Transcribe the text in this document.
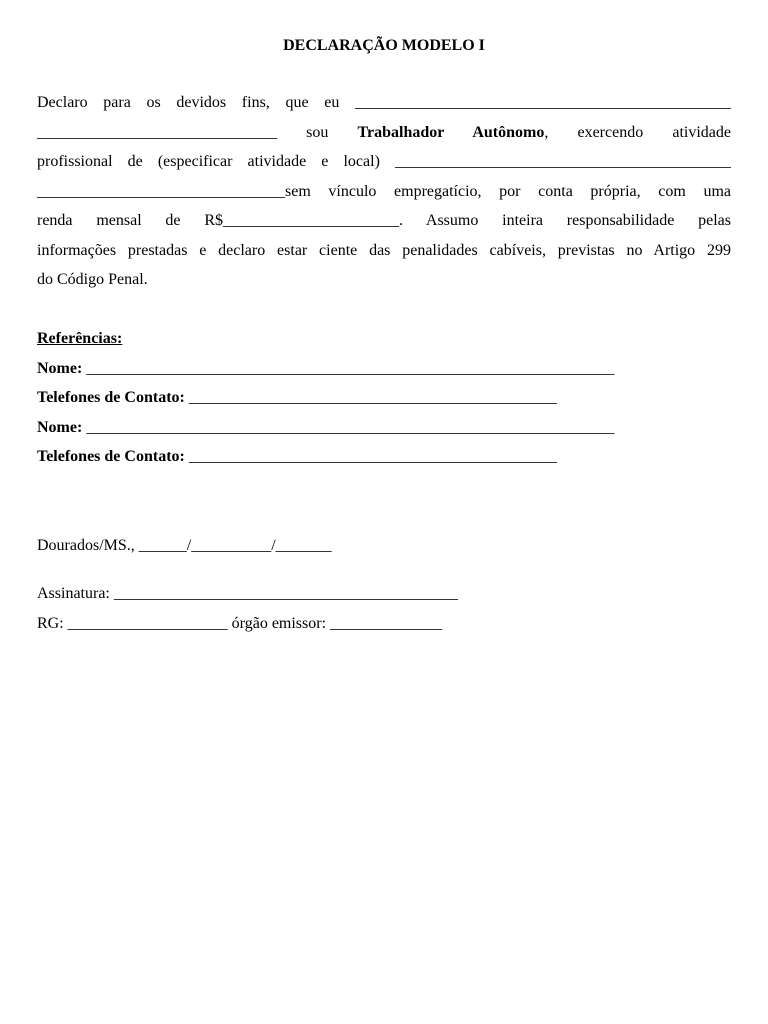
DECLARAÇÃO MODELO I
Declaro para os devidos fins, que eu _______________________________________________
______________________________ sou Trabalhador Autônomo, exercendo atividade
profissional de (especificar atividade e local) __________________________________________
_______________________________sem vínculo empregatício, por conta própria, com uma
renda mensal de R$______________________. Assumo inteira responsabilidade pelas
informações prestadas e declaro estar ciente das penalidades cabíveis, previstas no Artigo 299
do Código Penal.
Referências:
Nome: __________________________________________________________________
Telefones de Contato: ______________________________________________
Nome: __________________________________________________________________
Telefones de Contato: ______________________________________________
Dourados/MS., ______/__________/_______
Assinatura: ___________________________________________
RG: ____________________ órgão emissor: ______________
